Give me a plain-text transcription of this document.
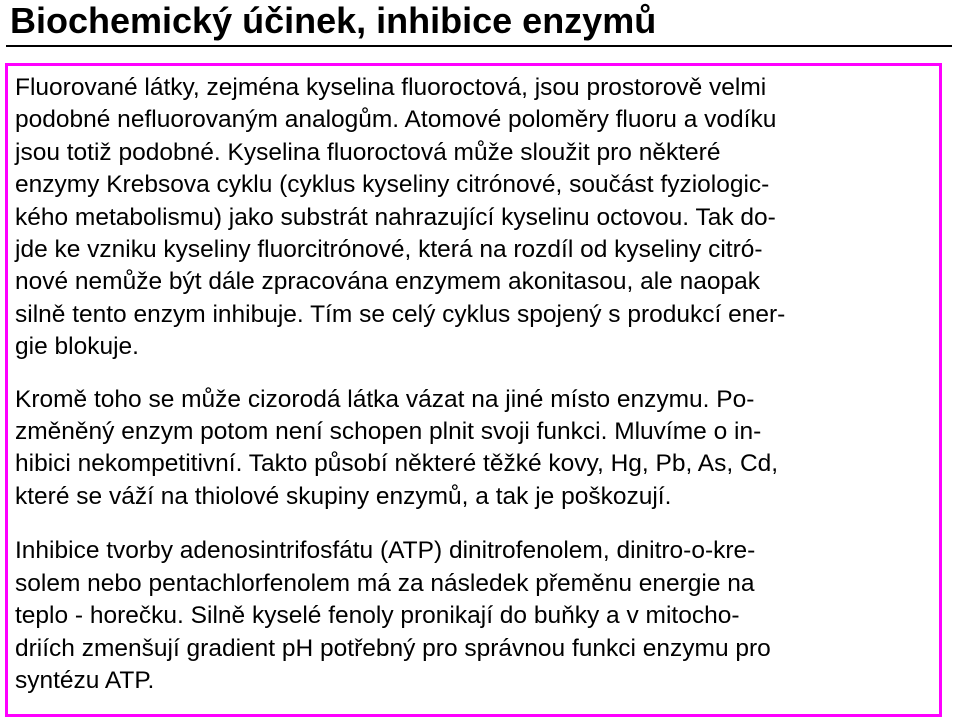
Biochemický účinek, inhibice enzymů

Fluorované látky, zejména kyselina fluoroctová, jsou prostorově velmi
podobné nefluorovaným analogům. Atomové poloměry fluoru a vodíku
jsou totiž podobné. Kyselina fluoroctová může sloužit pro některé
enzymy Krebsova cyklu (cyklus kyseliny citrónové, součást fyziologic-
kého metabolismu) jako substrát nahrazující kyselinu octovou. Tak do-
jde ke vzniku kyseliny fluorcitrónové, která na rozdíl od kyseliny citró-
nové nemůže být dále zpracována enzymem akonitasou, ale naopak
silně tento enzym inhibuje. Tím se celý cyklus spojený s produkcí ener-
gie blokuje.

Kromě toho se může cizorodá látka vázat na jiné místo enzymu. Po-
změněný enzym potom není schopen plnit svoji funkci. Mluvíme o in-
hibici nekompetitivní. Takto působí některé těžké kovy, Hg, Pb, As, Cd,
které se váží na thiolové skupiny enzymů, a tak je poškozují.

Inhibice tvorby adenosintrifosfátu (ATP) dinitrofenolem, dinitro-o-kre-
solem nebo pentachlorfenolem má za následek přeměnu energie na
teplo - horečku. Silně kyselé fenoly pronikají do buňky a v mitocho-
driích zmenšují gradient pH potřebný pro správnou funkci enzymu pro
syntézu ATP.
